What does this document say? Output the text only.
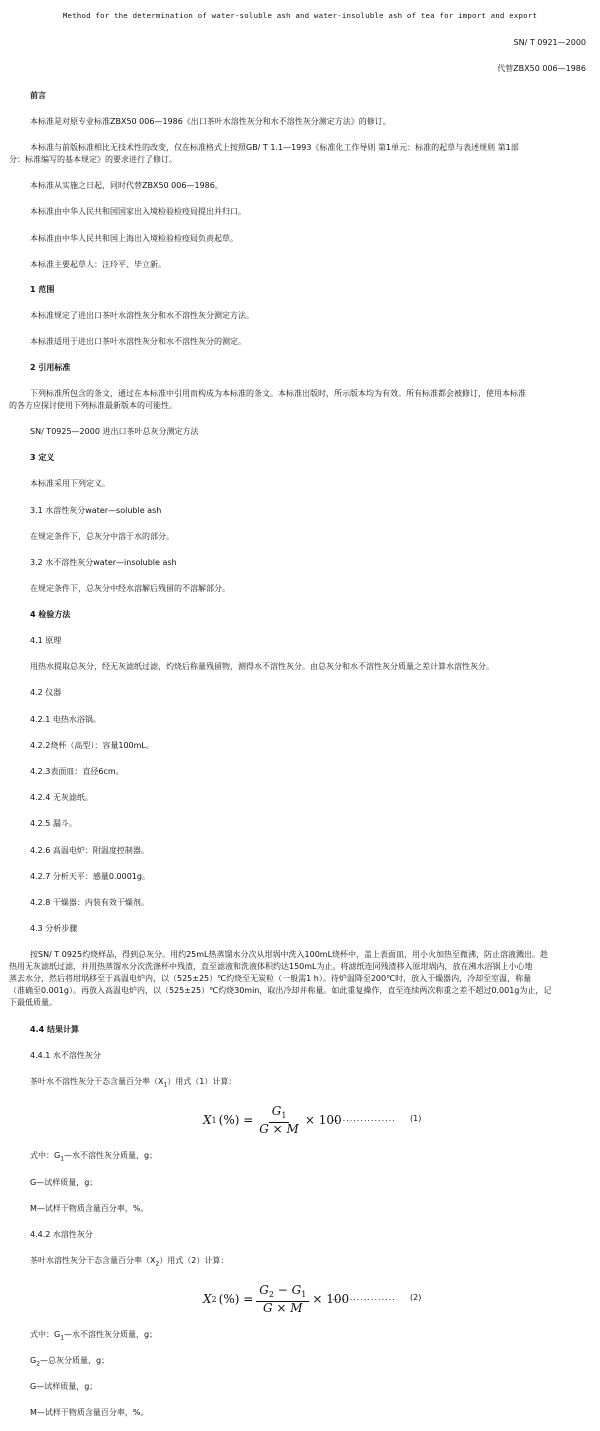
Method for the determination of water-soluble ash and water-insoluble ash of tea for import and export
SN/ T 0921—2000
代替ZBX50 006—1986
前言
本标准是对原专业标准ZBX50 006—1986《出口茶叶水溶性灰分和水不溶性灰分测定方法》的修订。
本标准与前版标准相比无技术性的改变，仅在标准格式上按照GB/ T 1.1—1993《标准化工作导则 第1单元：标准的起草与表述规则 第1部
分：标准编写的基本规定》的要求进行了修订。
本标准从实施之日起，同时代替ZBX50 006—1986。
本标准由中华人民共和国国家出入境检验检疫局提出并归口。
本标准由中华人民共和国上海出入境检验检疫局负责起草。
本标准主要起草人：汪玲平、毕立新。
1 范围
本标准规定了进出口茶叶水溶性灰分和水不溶性灰分测定方法。
本标准适用于进出口茶叶水溶性灰分和水不溶性灰分的测定。
2 引用标准
下列标准所包含的条文，通过在本标准中引用而构成为本标准的条文。本标准出版时，所示版本均为有效。所有标准都会被修订，使用本标准
的各方应探讨使用下列标准最新版本的可能性。
SN/ T0925—2000 进出口茶叶总灰分测定方法
3 定义
本标准采用下列定义。
3.1 水溶性灰分water—soluble ash
在规定条件下，总灰分中溶于水的部分。
3.2 水不溶性灰分water—insoluble ash
在规定条件下，总灰分中经水溶解后残留的不溶解部分。
4 检验方法
4.1 原理
用热水提取总灰分，经无灰滤纸过滤，灼烧后称量残留物，测得水不溶性灰分。由总灰分和水不溶性灰分质量之差计算水溶性灰分。
4.2 仪器
4.2.1 电热水浴锅。
4.2.2烧杯（高型）：容量100mL。
4.2.3表面皿：直径6cm。
4.2.4 无灰滤纸。
4.2.5 漏斗。
4.2.6 高温电炉：附温度控制器。
4.2.7 分析天平：感量0.0001g。
4.2.8 干燥器：内装有效干燥剂。
4.3 分析步骤
按SN/ T 0925灼烧样品，得到总灰分。用约25mL热蒸馏水分次从坩埚中洗入100mL烧杯中，盖上表面皿，用小火加热至微沸，防止溶液溅出。趁
热用无灰滤纸过滤，并用热蒸馏水分次洗涤杯中残渣，直至滤液和洗液体积约达150mL为止。将滤纸连同残渣移入原坩埚内，放在沸水浴锅上小心地
蒸去水分，然后将坩埚移至于高温电炉内，以（525±25）℃灼烧至无炭粒（一般需1 h）。待炉温降至200℃时，放入干燥器内，冷却至室温，称量
（准确至0.001g）。再放入高温电炉内，以（525±25）℃灼烧30min，取出冷却并称量。如此重复操作，直至连续两次称重之差不超过0.001g为止，记
下最低质量。
4.4 结果计算
4.4.1 水不溶性灰分
茶叶水不溶性灰分干态含量百分率$(X_1)$用式（1）计算：
X 1 (%) = $\frac{G_1}{G \times M} \times 100$
.................. (1)
式中：$G_1—$水不溶性灰分质量，g；
G—试样质量，g；
M—试样干物质含量百分率，%。
4.4.2 水溶性灰分
茶叶水溶性灰分干态含量百分率$(X_2)$用式（2）计算：
X 2 (%) = $\frac{G_2 - G_1}{G \times M} \times 100$
.................. (2)
式中：$G_1—$水不溶性灰分质量，g；
$G_2—$总灰分质量，g；
G—试样质量，g；
M—试样干物质含量百分率，%。
